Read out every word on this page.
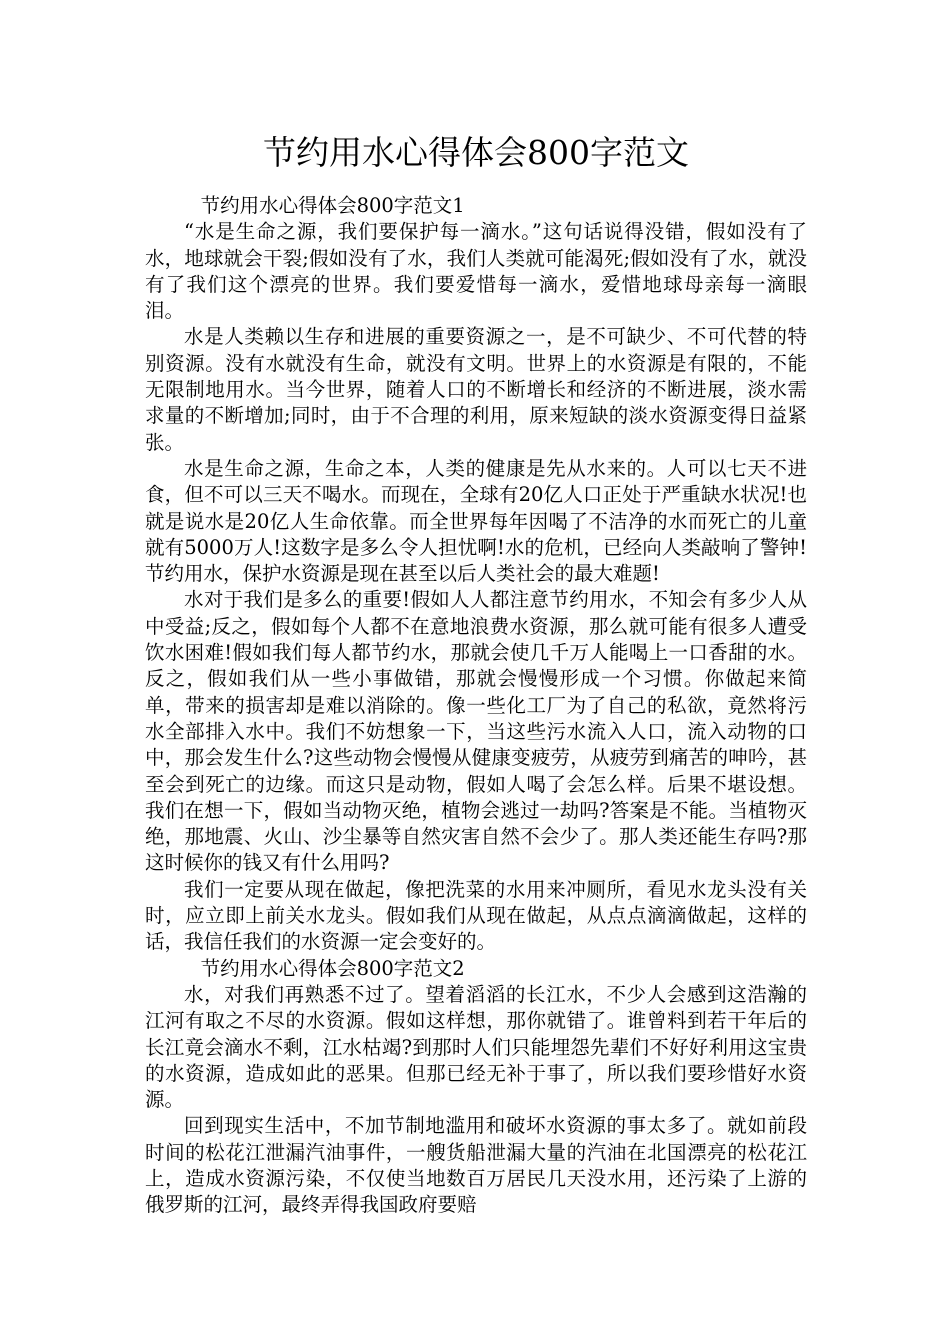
节约用水心得体会800字范文

节约用水心得体会800字范文1

“水是生命之源，我们要保护每一滴水。”这句话说得没错，假如没有了水，地球就会干裂;假如没有了水，我们人类就可能渴死;假如没有了水，就没有了我们这个漂亮的世界。我们要爱惜每一滴水，爱惜地球母亲每一滴眼泪。

水是人类赖以生存和进展的重要资源之一，是不可缺少、不可代替的特别资源。没有水就没有生命，就没有文明。世界上的水资源是有限的，不能无限制地用水。当今世界，随着人口的不断增长和经济的不断进展，淡水需求量的不断增加;同时，由于不合理的利用，原来短缺的淡水资源变得日益紧张。

水是生命之源，生命之本，人类的健康是先从水来的。人可以七天不进食，但不可以三天不喝水。而现在，全球有20亿人口正处于严重缺水状况!也就是说水是20亿人生命依靠。而全世界每年因喝了不洁净的水而死亡的儿童就有5000万人!这数字是多么令人担忧啊!水的危机，已经向人类敲响了警钟!节约用水，保护水资源是现在甚至以后人类社会的最大难题!

水对于我们是多么的重要!假如人人都注意节约用水，不知会有多少人从中受益;反之，假如每个人都不在意地浪费水资源，那么就可能有很多人遭受饮水困难!假如我们每人都节约水，那就会使几千万人能喝上一口香甜的水。反之，假如我们从一些小事做错，那就会慢慢形成一个习惯。你做起来简单，带来的损害却是难以消除的。像一些化工厂为了自己的私欲，竟然将污水全部排入水中。我们不妨想象一下，当这些污水流入人口，流入动物的口中，那会发生什么?这些动物会慢慢从健康变疲劳，从疲劳到痛苦的呻吟，甚至会到死亡的边缘。而这只是动物，假如人喝了会怎么样。后果不堪设想。我们在想一下，假如当动物灭绝，植物会逃过一劫吗?答案是不能。当植物灭绝，那地震、火山、沙尘暴等自然灾害自然不会少了。那人类还能生存吗?那这时候你的钱又有什么用吗?

我们一定要从现在做起，像把洗菜的水用来冲厕所，看见水龙头没有关时，应立即上前关水龙头。假如我们从现在做起，从点点滴滴做起，这样的话，我信任我们的水资源一定会变好的。

节约用水心得体会800字范文2

水，对我们再熟悉不过了。望着滔滔的长江水，不少人会感到这浩瀚的江河有取之不尽的水资源。假如这样想，那你就错了。谁曾料到若干年后的长江竟会滴水不剩，江水枯竭?到那时人们只能埋怨先辈们不好好利用这宝贵的水资源，造成如此的恶果。但那已经无补于事了，所以我们要珍惜好水资源。

回到现实生活中，不加节制地滥用和破坏水资源的事太多了。就如前段时间的松花江泄漏汽油事件，一艘货船泄漏大量的汽油在北国漂亮的松花江上，造成水资源污染，不仅使当地数百万居民几天没水用，还污染了上游的俄罗斯的江河，最终弄得我国政府要赔
